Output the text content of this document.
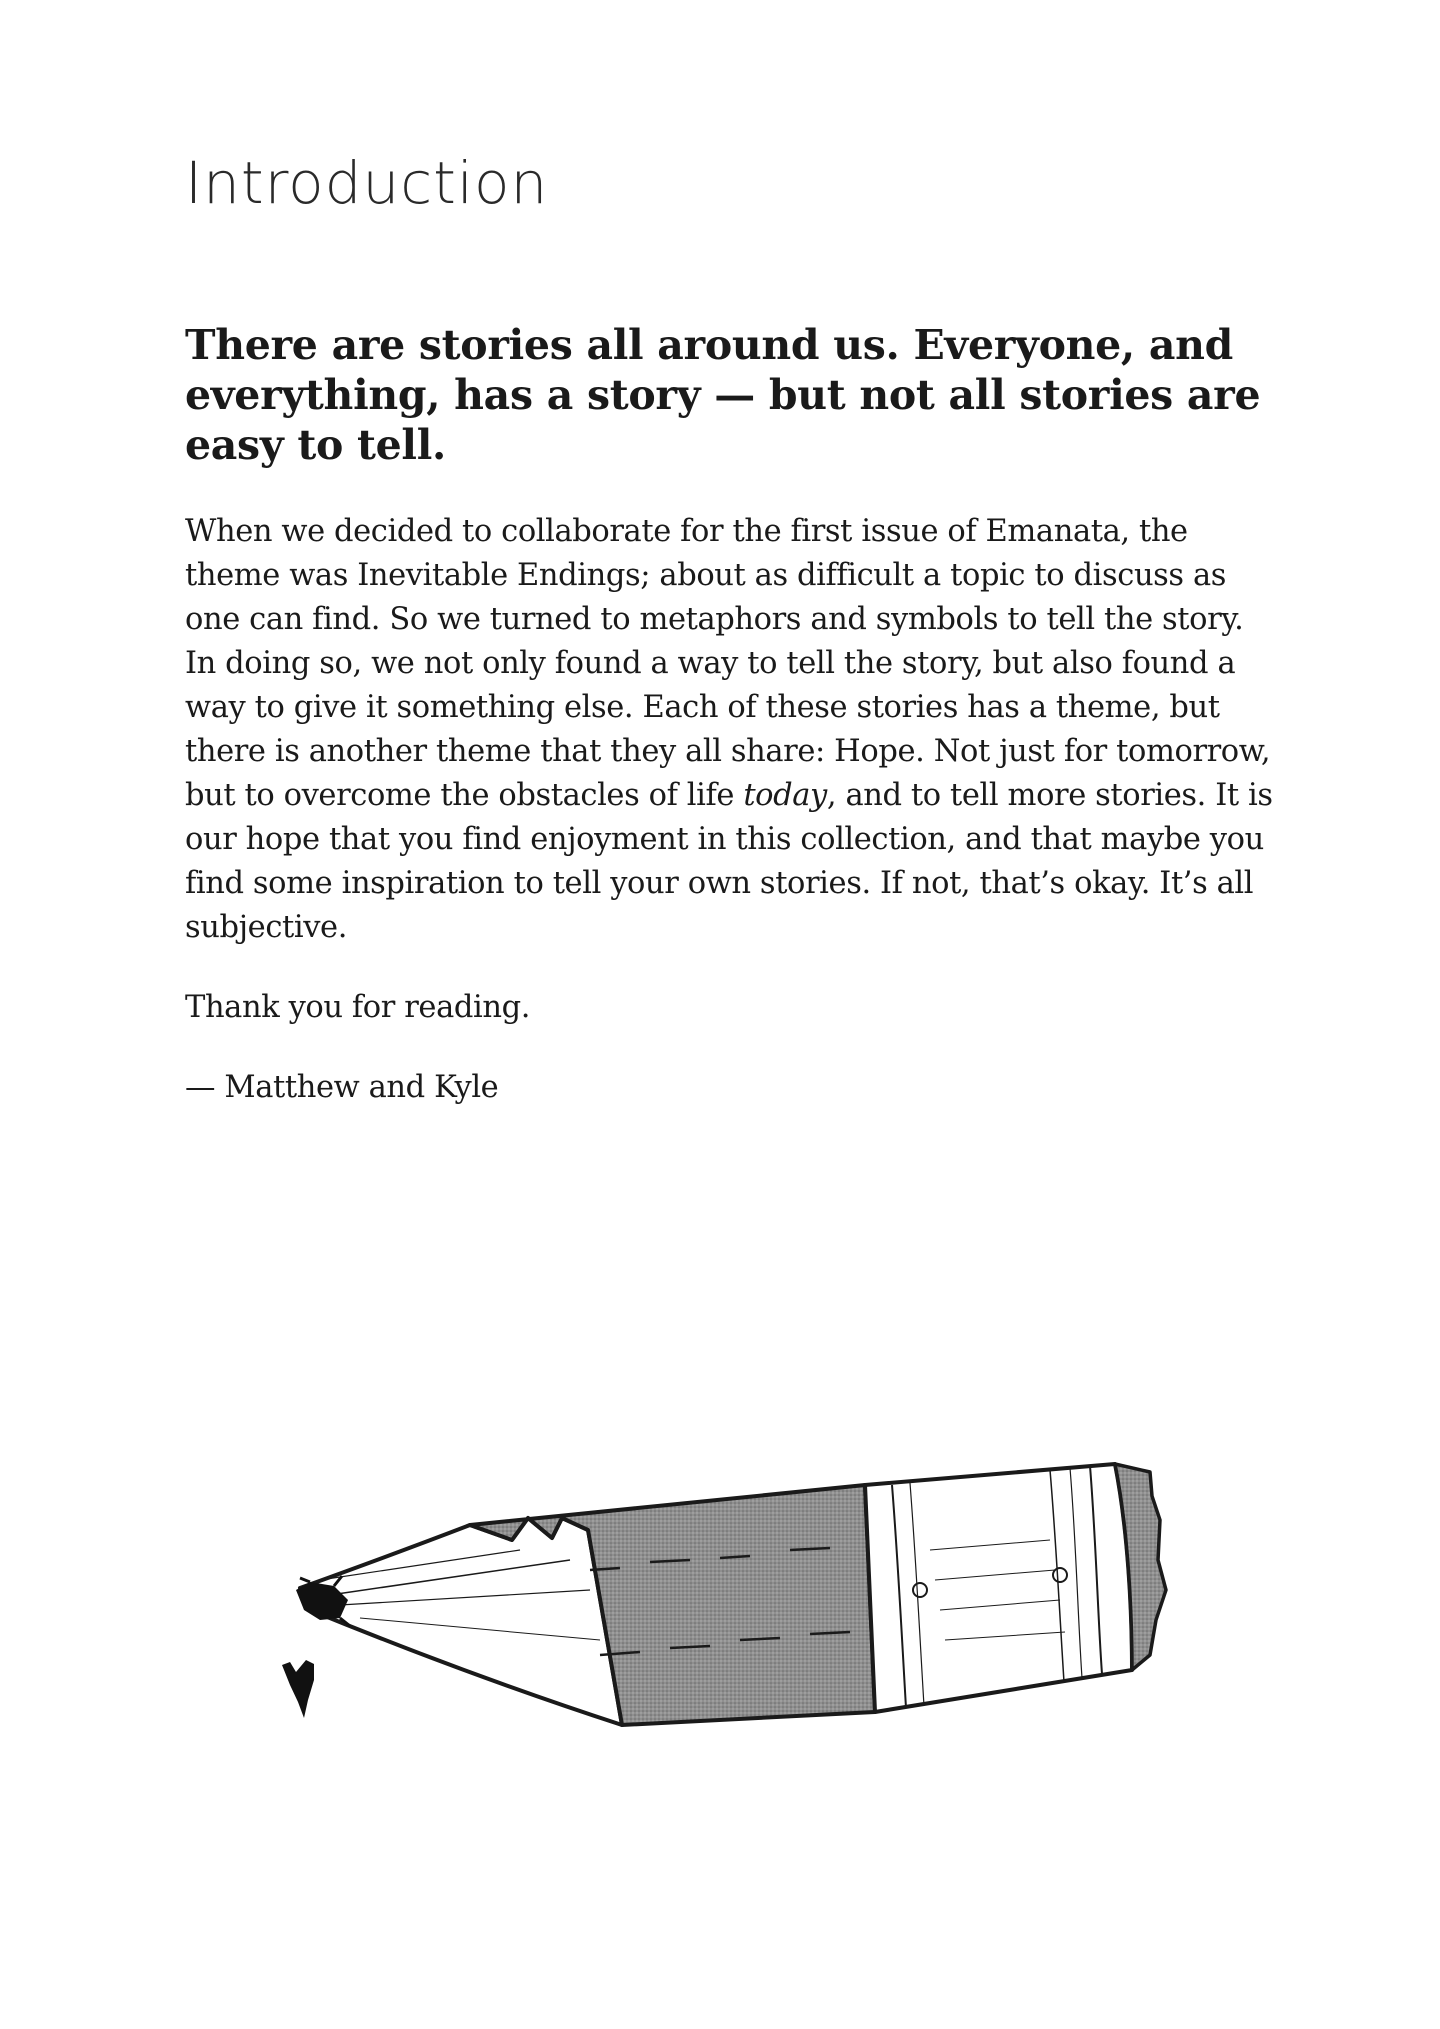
Introduction

There are stories all around us. Everyone, and everything, has a story — but not all stories are easy to tell.

When we decided to collaborate for the first issue of Emanata, the theme was Inevitable Endings; about as difficult a topic to discuss as one can find. So we turned to metaphors and symbols to tell the story. In doing so, we not only found a way to tell the story, but also found a way to give it something else. Each of these stories has a theme, but there is another theme that they all share: Hope. Not just for tomorrow, but to overcome the obstacles of life today, and to tell more stories. It is our hope that you find enjoyment in this collection, and that maybe you find some inspiration to tell your own stories. If not, that’s okay. It’s all subjective.

Thank you for reading.

— Matthew and Kyle
